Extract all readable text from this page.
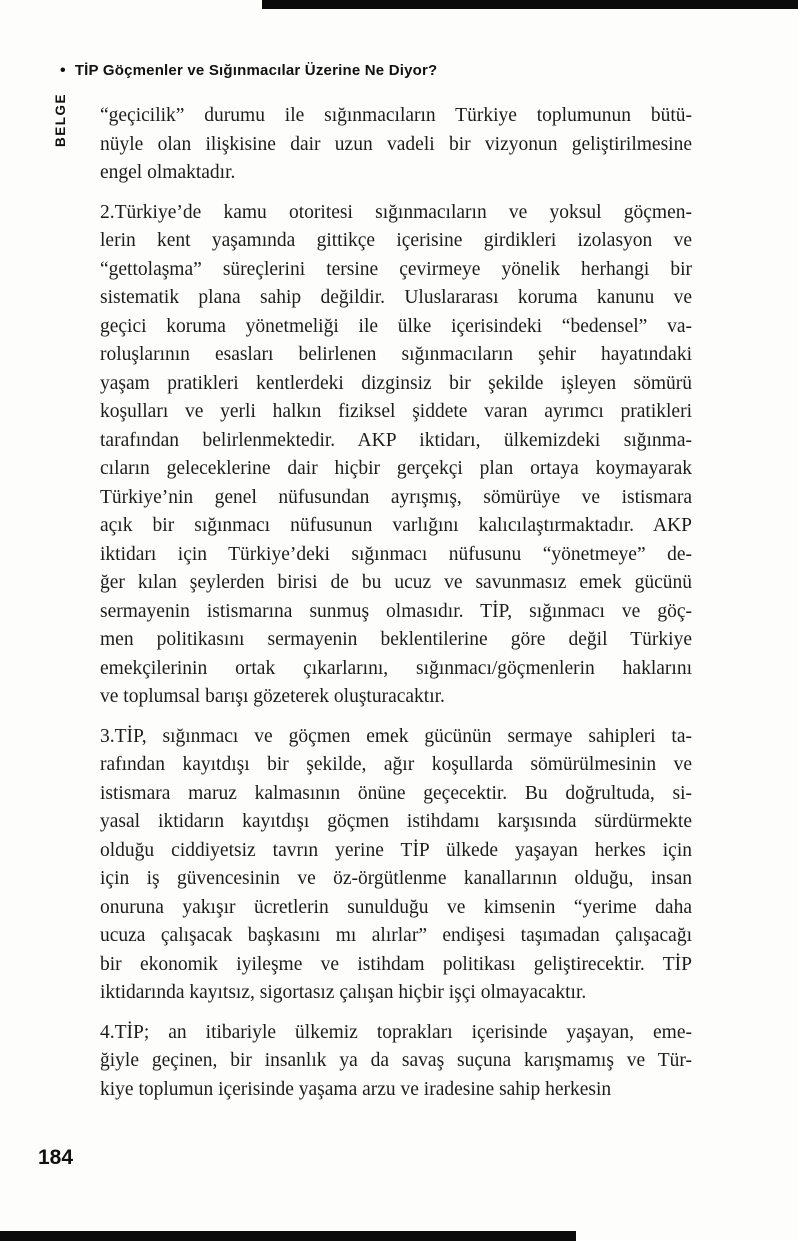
• TİP Göçmenler ve Sığınmacılar Üzerine Ne Diyor?
BELGE	“geçicilik” durumu ile sığınmacıların Türkiye toplumunun bütü-
nüyle olan ilişkisine dair uzun vadeli bir vizyonun geliştirilmesine
engel olmaktadır.
2.Türkiye’de kamu otoritesi sığınmacıların ve yoksul göçmen-
lerin kent yaşamında gittikçe içerisine girdikleri izolasyon ve
“gettolaşma” süreçlerini tersine çevirmeye yönelik herhangi bir
sistematik plana sahip değildir. Uluslararası koruma kanunu ve
geçici koruma yönetmeliği ile ülke içerisindeki “bedensel” va-
roluşlarının esasları belirlenen sığınmacıların şehir hayatındaki
yaşam pratikleri kentlerdeki dizginsiz bir şekilde işleyen sömürü
koşulları ve yerli halkın fiziksel şiddete varan ayrımcı pratikleri
tarafından belirlenmektedir. AKP iktidarı, ülkemizdeki sığınma-
cıların geleceklerine dair hiçbir gerçekçi plan ortaya koymayarak
Türkiye’nin genel nüfusundan ayrışmış, sömürüye ve istismara
açık bir sığınmacı nüfusunun varlığını kalıcılaştırmaktadır. AKP
iktidarı için Türkiye’deki sığınmacı nüfusunu “yönetmeye” de-
ğer kılan şeylerden birisi de bu ucuz ve savunmasız emek gücünü
sermayenin istismarına sunmuş olmasıdır. TİP, sığınmacı ve göç-
men politikasını sermayenin beklentilerine göre değil Türkiye
emekçilerinin ortak çıkarlarını, sığınmacı/göçmenlerin haklarını
ve toplumsal barışı gözeterek oluşturacaktır.
3.TİP, sığınmacı ve göçmen emek gücünün sermaye sahipleri ta-
rafından kayıtdışı bir şekilde, ağır koşullarda sömürülmesinin ve
istismara maruz kalmasının önüne geçecektir. Bu doğrultuda, si-
yasal iktidarın kayıtdışı göçmen istihdamı karşısında sürdürmekte
olduğu ciddiyetsiz tavrın yerine TİP ülkede yaşayan herkes için
için iş güvencesinin ve öz-örgütlenme kanallarının olduğu, insan
onuruna yakışır ücretlerin sunulduğu ve kimsenin “yerime daha
ucuza çalışacak başkasını mı alırlar” endişesi taşımadan çalışacağı
bir ekonomik iyileşme ve istihdam politikası geliştirecektir. TİP
iktidarında kayıtsız, sigortasız çalışan hiçbir işçi olmayacaktır.
4.TİP; an itibariyle ülkemiz toprakları içerisinde yaşayan, eme-
ğiyle geçinen, bir insanlık ya da savaş suçuna karışmamış ve Tür-
kiye toplumun içerisinde yaşama arzu ve iradesine sahip herkesin
184
